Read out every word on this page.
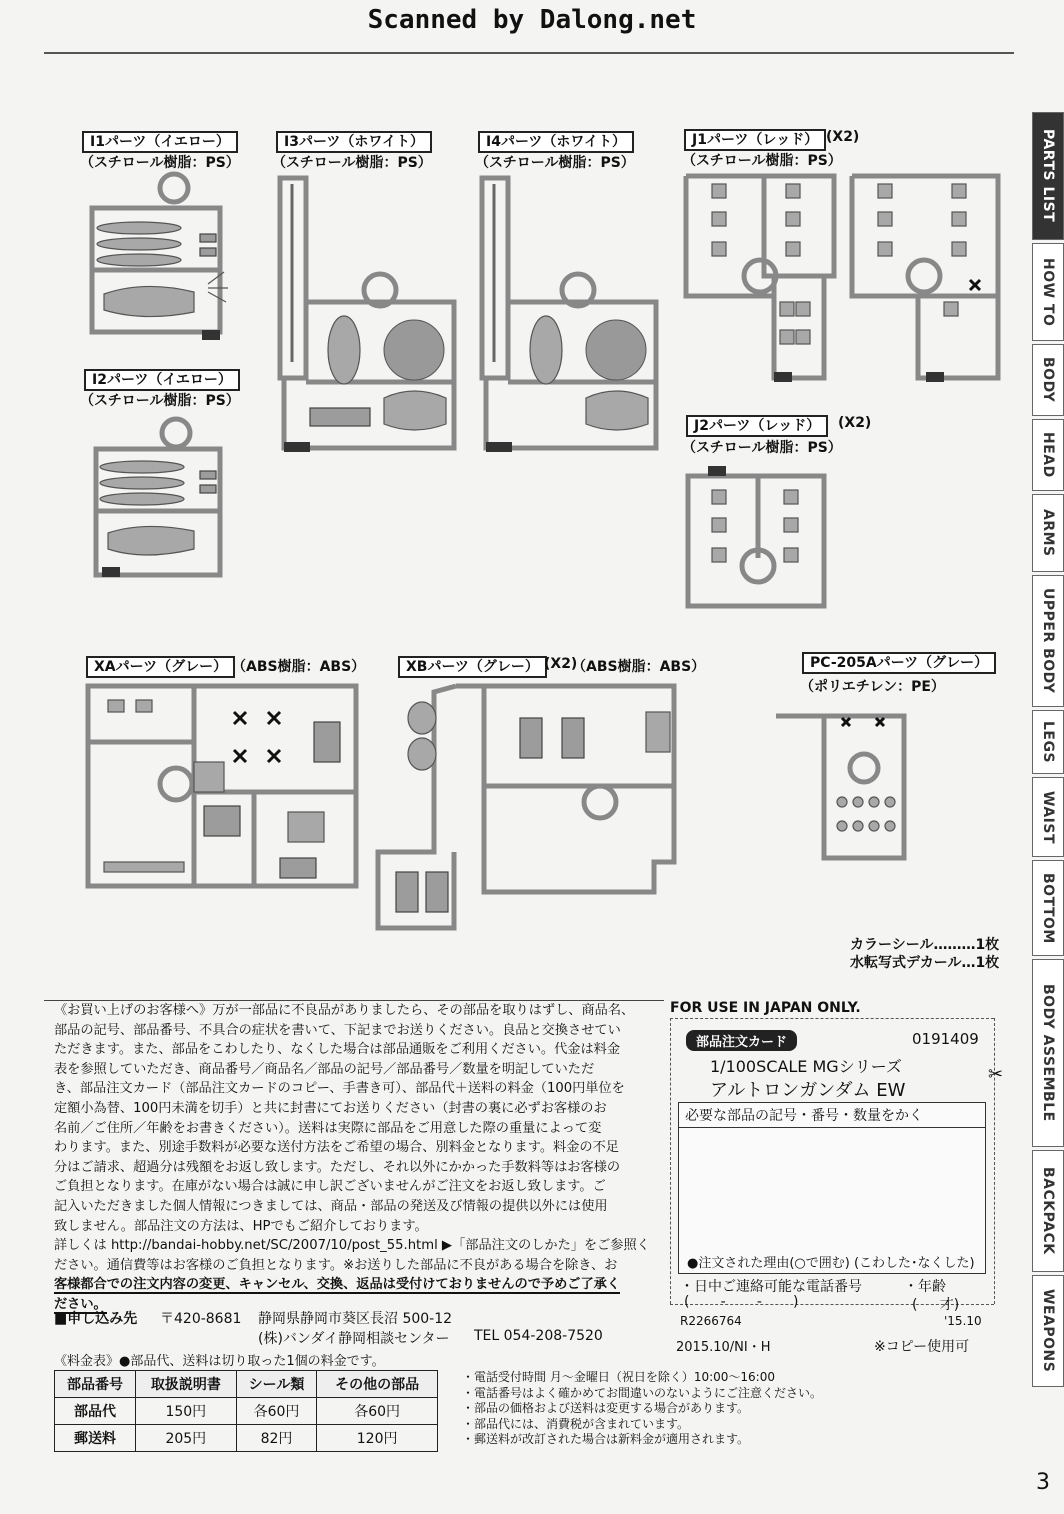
Scanned by Dalong.net
PARTS LIST
HOW TO
BODY
HEAD
ARMS
UPPER BODY
LEGS
WAIST
BOTTOM
BODY ASSEMBLE
BACKPACK
WEAPONS
3
I1パーツ（イエロー）
（スチロール樹脂：PS）
I2パーツ（イエロー）
（スチロール樹脂：PS）
I3パーツ（ホワイト）
（スチロール樹脂：PS）
I4パーツ（ホワイト）
（スチロール樹脂：PS）
J1パーツ（レッド） (X2)
（スチロール樹脂：PS）
J2パーツ（レッド）	(X2)
（スチロール樹脂：PS）
XAパーツ（グレー） （ABS樹脂：ABS）	XBパーツ（グレー） (X2)
（ABS樹脂：ABS）	PC-205Aパーツ（グレー）
（ポリエチレン：PE）
カラーシール………1枚
水転写式デカール…1枚
《お買い上げのお客様へ》万が一部品に不良品がありましたら、その部品を取りはずし、商品名、
部品の記号、部品番号、不具合の症状を書いて、下記までお送りください。良品と交換させてい
ただきます。また、部品をこわしたり、なくした場合は部品通販をご利用ください。代金は料金
表を参照していただき、商品番号／商品名／部品の記号／部品番号／数量を明記していただ
き、部品注文カード（部品注文カードのコピー、手書き可）、部品代＋送料の料金（100円単位を
定額小為替、100円未満を切手）と共に封書にてお送りください（封書の裏に必ずお客様のお
名前／ご住所／年齢をお書きください）。送料は実際に部品をご用意した際の重量によって変
わります。また、別途手数料が必要な送付方法をご希望の場合、別料金となります。料金の不足
分はご請求、超過分は残額をお返し致します。ただし、それ以外にかかった手数料等はお客様の
ご負担となります。在庫がない場合は誠に申し訳ございませんがご注文をお返し致します。ご
記入いただきました個人情報につきましては、商品・部品の発送及び情報の提供以外には使用
致しません。部品注文の方法は、HPでもご紹介しております。
詳しくは http://bandai-hobby.net/SC/2007/10/post_55.html ▶「部品注文のしかた」をご参照く
ださい。通信費等はお客様のご負担となります。※お送りした部品に不良がある場合を除き、お
客様都合での注文内容の変更、キャンセル、交換、返品は受付けておりませんので予めご了承く
ださい。
■申し込み先 〒420-8681 静岡県静岡市葵区長沼 500-12
(株)バンダイ静岡相談センター TEL 054-208-7520
《料金表》●部品代、送料は切り取った1個の料金です。
部品番号	取扱説明書	シール類	その他の部品
部品代	150円	各60円	各60円
郵送料	205円	82円	120円
・電話受付時間 月〜金曜日（祝日を除く）10:00〜16:00
・電話番号はよく確かめてお間違いのないようにご注意ください。
・部品の価格および送料は変更する場合があります。
・部品代には、消費税が含まれています。
・郵送料が改訂された場合は新料金が適用されます。
FOR USE IN JAPAN ONLY.
✂
部品注文カード	0191409
1/100SCALE MGシリーズ
アルトロンガンダム EW
必要な部品の記号・番号・数量をかく
●注文された理由(○で囲む) (こわした･なくした)
・日中ご連絡可能な電話番号	・年齢
(       -       -       )	(     才)
R2266764	'15.10
2015.10/NI・H	※コピー使用可
